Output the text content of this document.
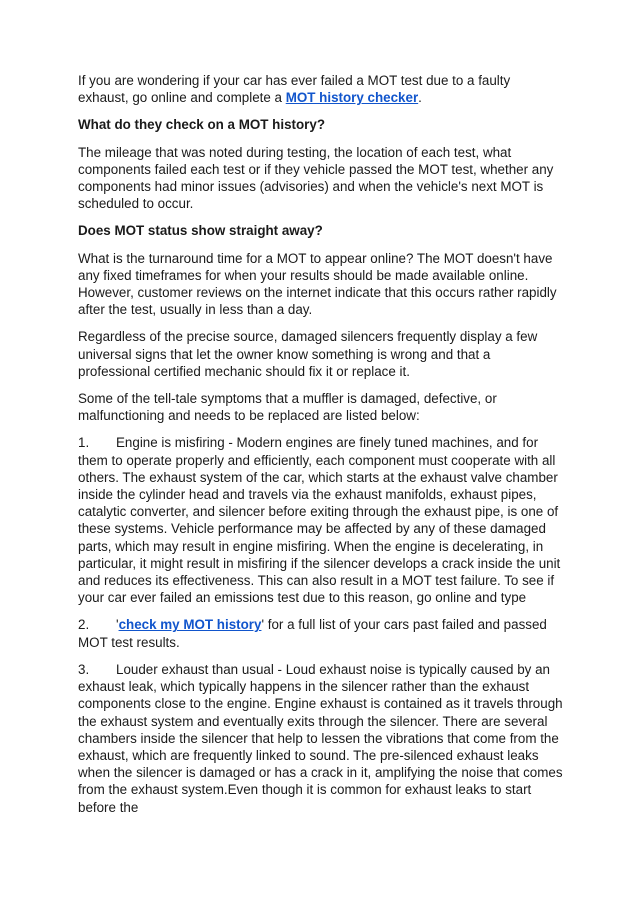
If you are wondering if your car has ever failed a MOT test due to a faulty exhaust, go online and complete a MOT history checker.

What do they check on a MOT history?

The mileage that was noted during testing, the location of each test, what components failed each test or if they vehicle passed the MOT test, whether any components had minor issues (advisories) and when the vehicle's next MOT is scheduled to occur.

Does MOT status show straight away?

What is the turnaround time for a MOT to appear online? The MOT doesn't have any fixed timeframes for when your results should be made available online. However, customer reviews on the internet indicate that this occurs rather rapidly after the test, usually in less than a day.

Regardless of the precise source, damaged silencers frequently display a few universal signs that let the owner know something is wrong and that a professional certified mechanic should fix it or replace it.

Some of the tell-tale symptoms that a muffler is damaged, defective, or malfunctioning and needs to be replaced are listed below:

1. Engine is misfiring - Modern engines are finely tuned machines, and for them to operate properly and efficiently, each component must cooperate with all others. The exhaust system of the car, which starts at the exhaust valve chamber inside the cylinder head and travels via the exhaust manifolds, exhaust pipes, catalytic converter, and silencer before exiting through the exhaust pipe, is one of these systems. Vehicle performance may be affected by any of these damaged parts, which may result in engine misfiring. When the engine is decelerating, in particular, it might result in misfiring if the silencer develops a crack inside the unit and reduces its effectiveness. This can also result in a MOT test failure. To see if your car ever failed an emissions test due to this reason, go online and type

2. 'check my MOT history' for a full list of your cars past failed and passed MOT test results.

3. Louder exhaust than usual - Loud exhaust noise is typically caused by an exhaust leak, which typically happens in the silencer rather than the exhaust components close to the engine. Engine exhaust is contained as it travels through the exhaust system and eventually exits through the silencer. There are several chambers inside the silencer that help to lessen the vibrations that come from the exhaust, which are frequently linked to sound. The pre-silenced exhaust leaks when the silencer is damaged or has a crack in it, amplifying the noise that comes from the exhaust system.Even though it is common for exhaust leaks to start before the
